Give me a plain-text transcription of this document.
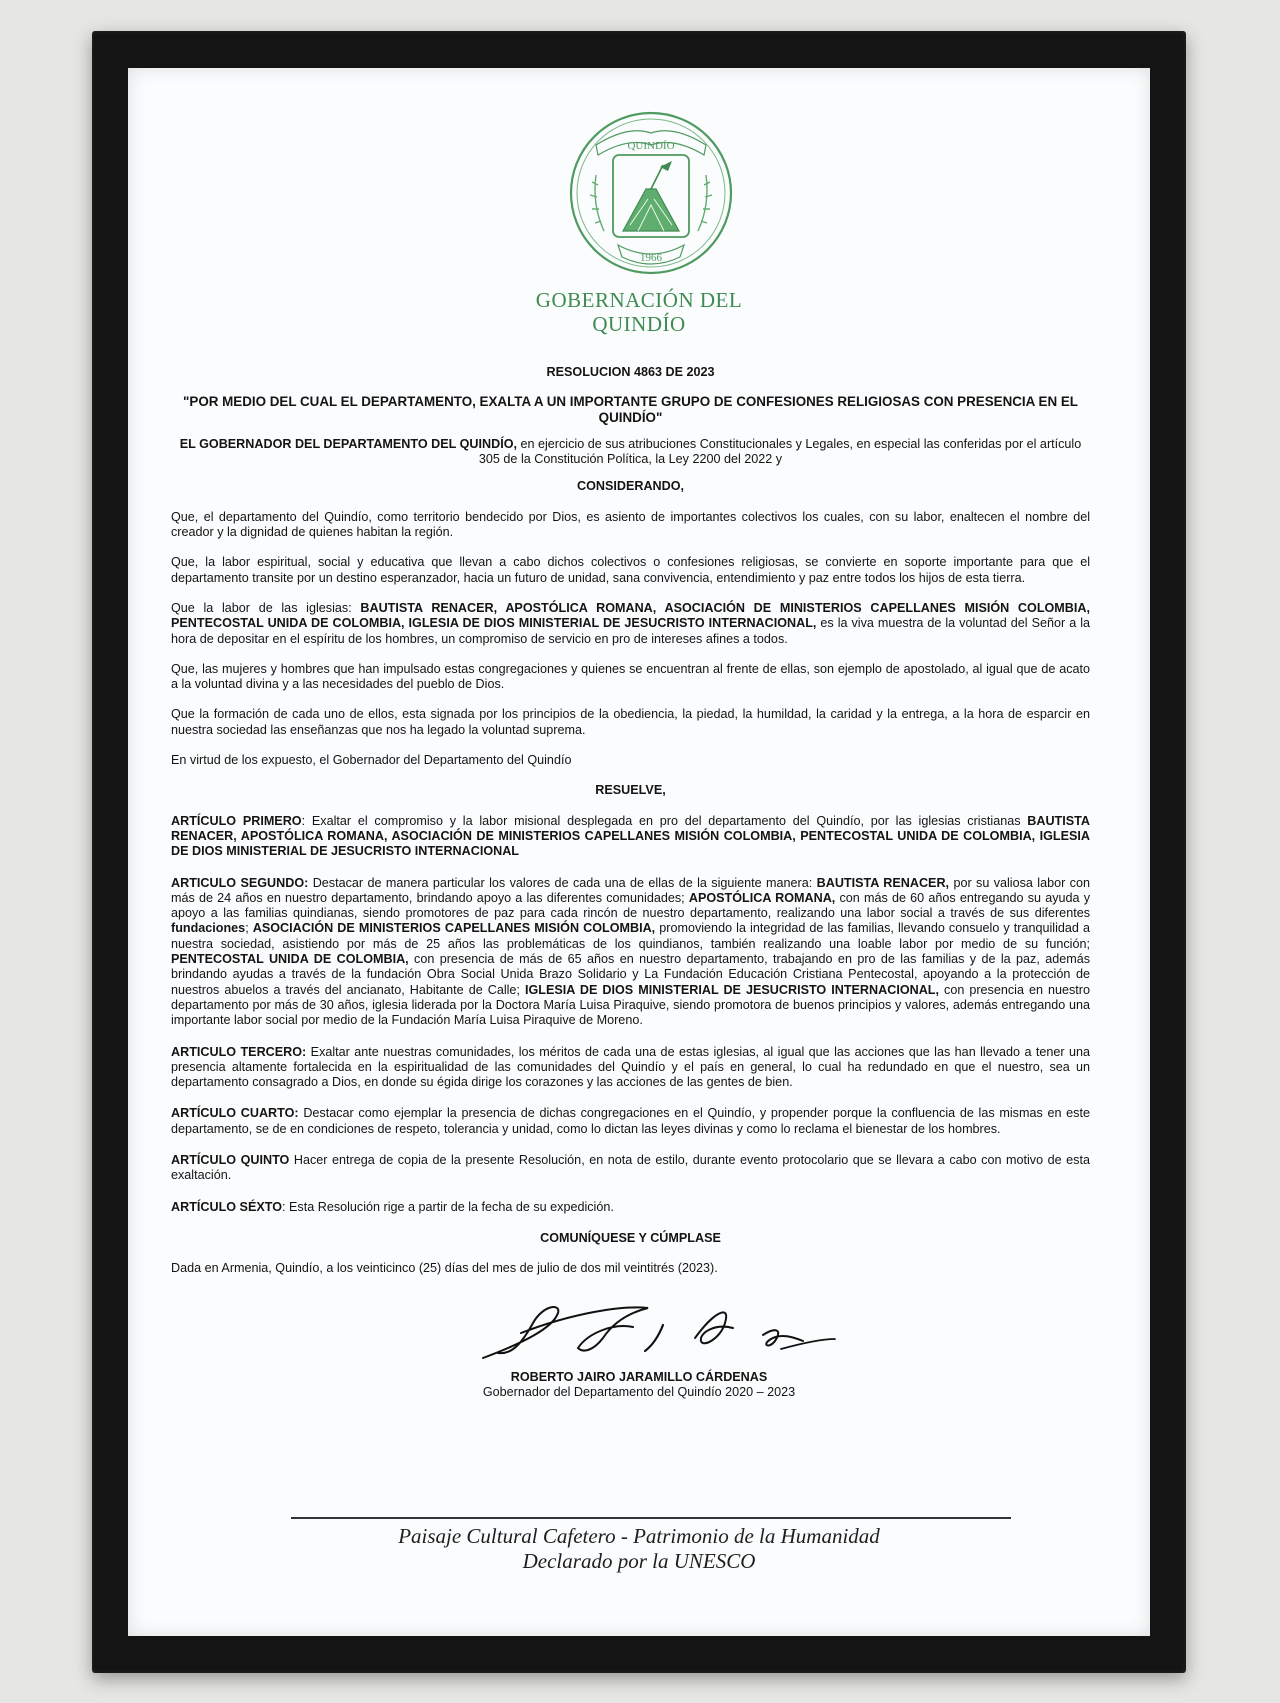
QUINDÍO
1966
GOBERNACIÓN DEL
QUINDÍO

RESOLUCION 4863 DE 2023

"POR MEDIO DEL CUAL EL DEPARTAMENTO, EXALTA A UN IMPORTANTE GRUPO DE CONFESIONES RELIGIOSAS CON PRESENCIA EN EL QUINDÍO"

EL GOBERNADOR DEL DEPARTAMENTO DEL QUINDÍO, en ejercicio de sus atribuciones Constitucionales y Legales, en especial las conferidas por el artículo 305 de la Constitución Política, la Ley 2200 del 2022 y

CONSIDERANDO,

Que, el departamento del Quindío, como territorio bendecido por Dios, es asiento de importantes colectivos los cuales, con su labor, enaltecen el nombre del creador y la dignidad de quienes habitan la región.

Que, la labor espiritual, social y educativa que llevan a cabo dichos colectivos o confesiones religiosas, se convierte en soporte importante para que el departamento transite por un destino esperanzador, hacia un futuro de unidad, sana convivencia, entendimiento y paz entre todos los hijos de esta tierra.

Que la labor de las iglesias: BAUTISTA RENACER, APOSTÓLICA ROMANA, ASOCIACIÓN DE MINISTERIOS CAPELLANES MISIÓN COLOMBIA, PENTECOSTAL UNIDA DE COLOMBIA, IGLESIA DE DIOS MINISTERIAL DE JESUCRISTO INTERNACIONAL, es la viva muestra de la voluntad del Señor a la hora de depositar en el espíritu de los hombres, un compromiso de servicio en pro de intereses afines a todos.

Que, las mujeres y hombres que han impulsado estas congregaciones y quienes se encuentran al frente de ellas, son ejemplo de apostolado, al igual que de acato a la voluntad divina y a las necesidades del pueblo de Dios.

Que la formación de cada uno de ellos, esta signada por los principios de la obediencia, la piedad, la humildad, la caridad y la entrega, a la hora de esparcir en nuestra sociedad las enseñanzas que nos ha legado la voluntad suprema.

En virtud de los expuesto, el Gobernador del Departamento del Quindío

RESUELVE,

ARTÍCULO PRIMERO: Exaltar el compromiso y la labor misional desplegada en pro del departamento del Quindío, por las iglesias cristianas BAUTISTA RENACER, APOSTÓLICA ROMANA, ASOCIACIÓN DE MINISTERIOS CAPELLANES MISIÓN COLOMBIA, PENTECOSTAL UNIDA DE COLOMBIA, IGLESIA DE DIOS MINISTERIAL DE JESUCRISTO INTERNACIONAL

ARTICULO SEGUNDO: Destacar de manera particular los valores de cada una de ellas de la siguiente manera: BAUTISTA RENACER, por su valiosa labor con más de 24 años en nuestro departamento, brindando apoyo a las diferentes comunidades; APOSTÓLICA ROMANA, con más de 60 años entregando su ayuda y apoyo a las familias quindianas, siendo promotores de paz para cada rincón de nuestro departamento, realizando una labor social a través de sus diferentes fundaciones; ASOCIACIÓN DE MINISTERIOS CAPELLANES MISIÓN COLOMBIA, promoviendo la integridad de las familias, llevando consuelo y tranquilidad a nuestra sociedad, asistiendo por más de 25 años las problemáticas de los quindianos, también realizando una loable labor por medio de su función; PENTECOSTAL UNIDA DE COLOMBIA, con presencia de más de 65 años en nuestro departamento, trabajando en pro de las familias y de la paz, además brindando ayudas a través de la fundación Obra Social Unida Brazo Solidario y La Fundación Educación Cristiana Pentecostal, apoyando a la protección de nuestros abuelos a través del ancianato, Habitante de Calle; IGLESIA DE DIOS MINISTERIAL DE JESUCRISTO INTERNACIONAL, con presencia en nuestro departamento por más de 30 años, iglesia liderada por la Doctora María Luisa Piraquive, siendo promotora de buenos principios y valores, además entregando una importante labor social por medio de la Fundación María Luisa Piraquive de Moreno.

ARTICULO TERCERO: Exaltar ante nuestras comunidades, los méritos de cada una de estas iglesias, al igual que las acciones que las han llevado a tener una presencia altamente fortalecida en la espiritualidad de las comunidades del Quindío y el país en general, lo cual ha redundado en que el nuestro, sea un departamento consagrado a Dios, en donde su égida dirige los corazones y las acciones de las gentes de bien.

ARTÍCULO CUARTO: Destacar como ejemplar la presencia de dichas congregaciones en el Quindío, y propender porque la confluencia de las mismas en este departamento, se de en condiciones de respeto, tolerancia y unidad, como lo dictan las leyes divinas y como lo reclama el bienestar de los hombres.

ARTÍCULO QUINTO Hacer entrega de copia de la presente Resolución, en nota de estilo, durante evento protocolario que se llevara a cabo con motivo de esta exaltación.

ARTÍCULO SÉXTO: Esta Resolución rige a partir de la fecha de su expedición.

COMUNÍQUESE Y CÚMPLASE

Dada en Armenia, Quindío, a los veinticinco (25) días del mes de julio de dos mil veintitrés (2023).

ROBERTO JAIRO JARAMILLO CÁRDENAS
Gobernador del Departamento del Quindío 2020 – 2023
Paisaje Cultural Cafetero - Patrimonio de la Humanidad
Declarado por la UNESCO
